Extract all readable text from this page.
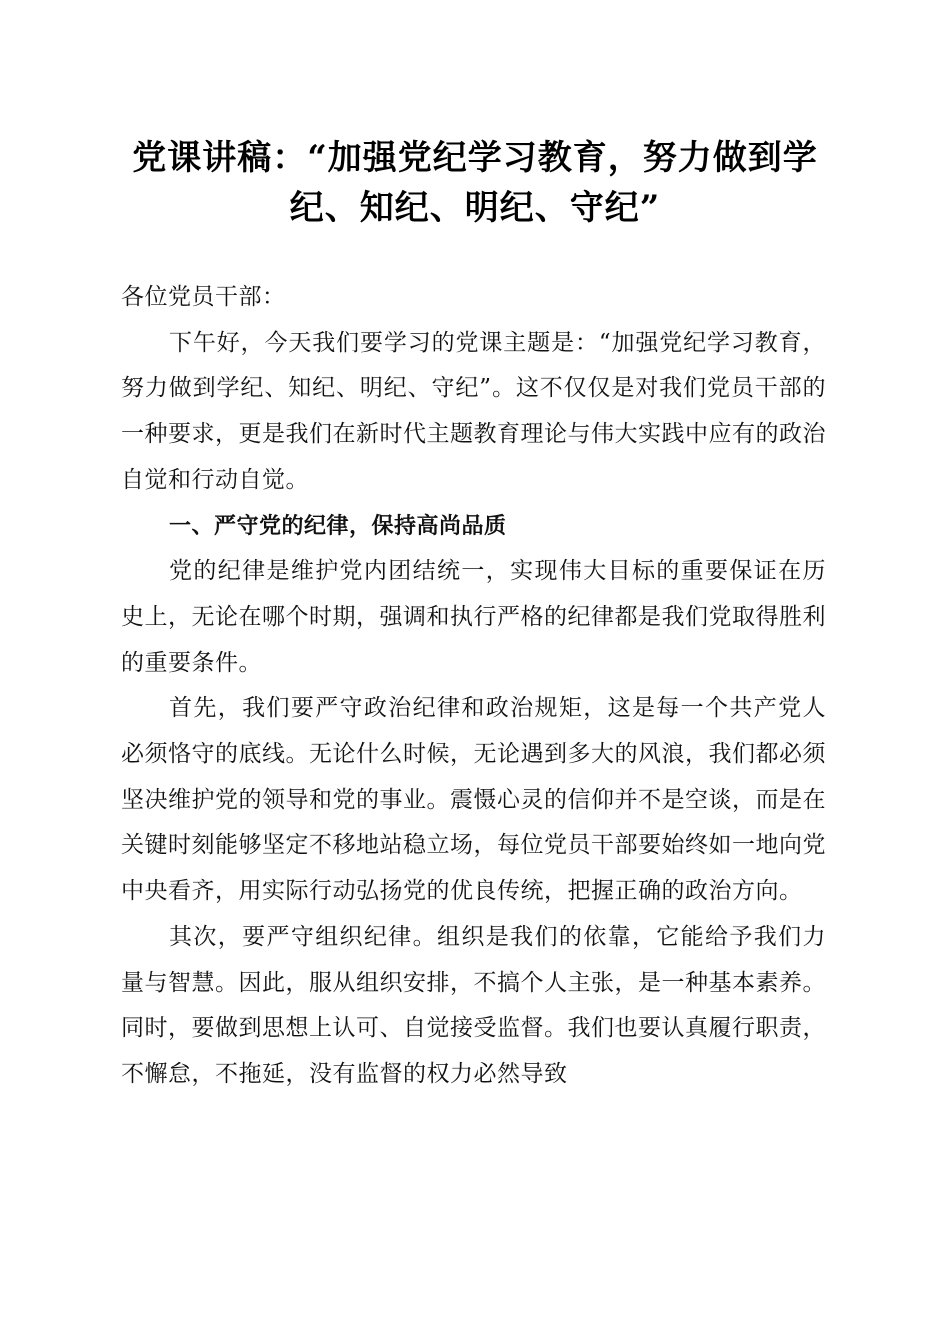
党课讲稿：“加强党纪学习教育，努力做到学
纪、知纪、明纪、守纪”

各位党员干部：

下午好，今天我们要学习的党课主题是：“加强党纪学习教育，努力做到学纪、知纪、明纪、守纪”。这不仅仅是对我们党员干部的一种要求，更是我们在新时代主题教育理论与伟大实践中应有的政治自觉和行动自觉。

一、严守党的纪律，保持高尚品质

党的纪律是维护党内团结统一，实现伟大目标的重要保证在历史上，无论在哪个时期，强调和执行严格的纪律都是我们党取得胜利的重要条件。

首先，我们要严守政治纪律和政治规矩，这是每一个共产党人必须恪守的底线。无论什么时候，无论遇到多大的风浪，我们都必须坚决维护党的领导和党的事业。震慑心灵的信仰并不是空谈，而是在关键时刻能够坚定不移地站稳立场，每位党员干部要始终如一地向党中央看齐，用实际行动弘扬党的优良传统，把握正确的政治方向。

其次，要严守组织纪律。组织是我们的依靠，它能给予我们力量与智慧。因此，服从组织安排，不搞个人主张，是一种基本素养。同时，要做到思想上认可、自觉接受监督。我们也要认真履行职责，不懈怠，不拖延，没有监督的权力必然导致
